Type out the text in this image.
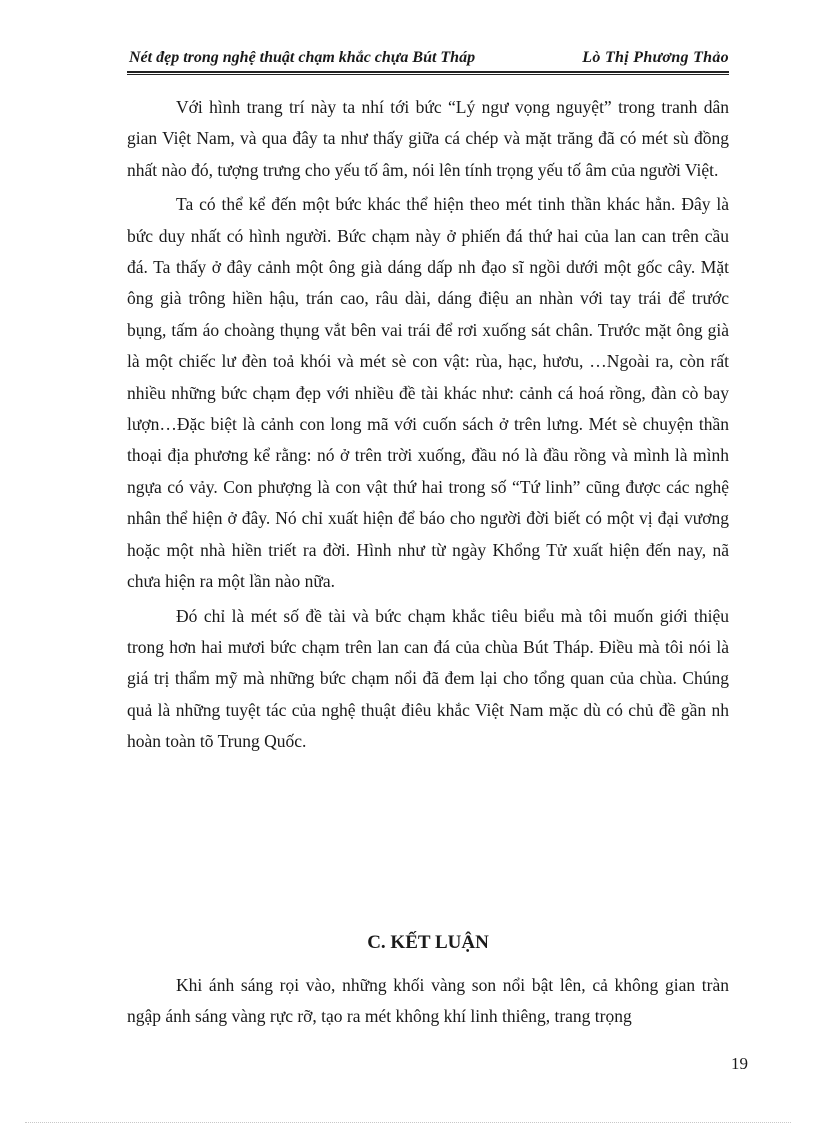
Nét đẹp trong nghệ thuật chạm khắc chựa Bút Tháp	Lò Thị Phương Thảo

Với hình trang trí này ta nhí tới bức “Lý ngư vọng nguyệt” trong tranh dân gian Việt Nam, và qua đây ta như thấy giữa cá chép và mặt trăng đã có mét sù đồng nhất nào đó, tượng trưng cho yếu tố âm, nói lên tính trọng yếu tố âm của người Việt.

Ta có thể kể đến một bức khác thể hiện theo mét tinh thần khác hẳn. Đây là bức duy nhất có hình người. Bức chạm này ở phiến đá thứ hai của lan can trên cầu đá. Ta thấy ở đây cảnh một ông già dáng dấp nh đạo sĩ ngồi dưới một gốc cây. Mặt ông già trông hiền hậu, trán cao, râu dài, dáng điệu an nhàn với tay trái để trước bụng, tấm áo choàng thụng vắt bên vai trái để rơi xuống sát chân. Trước mặt ông già là một chiếc lư đèn toả khói và mét sè con vật: rùa, hạc, hươu, …Ngoài ra, còn rất nhiều những bức chạm đẹp với nhiều đề tài khác như: cảnh cá hoá rồng, đàn cò bay lượn…Đặc biệt là cảnh con long mã với cuốn sách ở trên lưng. Mét sè chuyện thần thoại địa phương kể rằng: nó ở trên trời xuống, đầu nó là đầu rồng và mình là mình ngựa có vảy. Con phượng là con vật thứ hai trong số “Tứ linh” cũng được các nghệ nhân thể hiện ở đây. Nó chỉ xuất hiện để báo cho người đời biết có một vị đại vương hoặc một nhà hiền triết ra đời. Hình như từ ngày Khổng Tử xuất hiện đến nay, nã chưa hiện ra một lần nào nữa.

Đó chỉ là mét số đề tài và bức chạm khắc tiêu biểu mà tôi muốn giới thiệu trong hơn hai mươi bức chạm trên lan can đá của chùa Bút Tháp. Điều mà tôi nói là giá trị thẩm mỹ mà những bức chạm nổi đã đem lại cho tổng quan của chùa. Chúng quả là những tuyệt tác của nghệ thuật điêu khắc Việt Nam mặc dù có chủ đề gần nh hoàn toàn tõ Trung Quốc.

C. KẾT LUẬN

Khi ánh sáng rọi vào, những khối vàng son nổi bật lên, cả không gian tràn ngập ánh sáng vàng rực rỡ, tạo ra mét không khí linh thiêng, trang trọng

19
